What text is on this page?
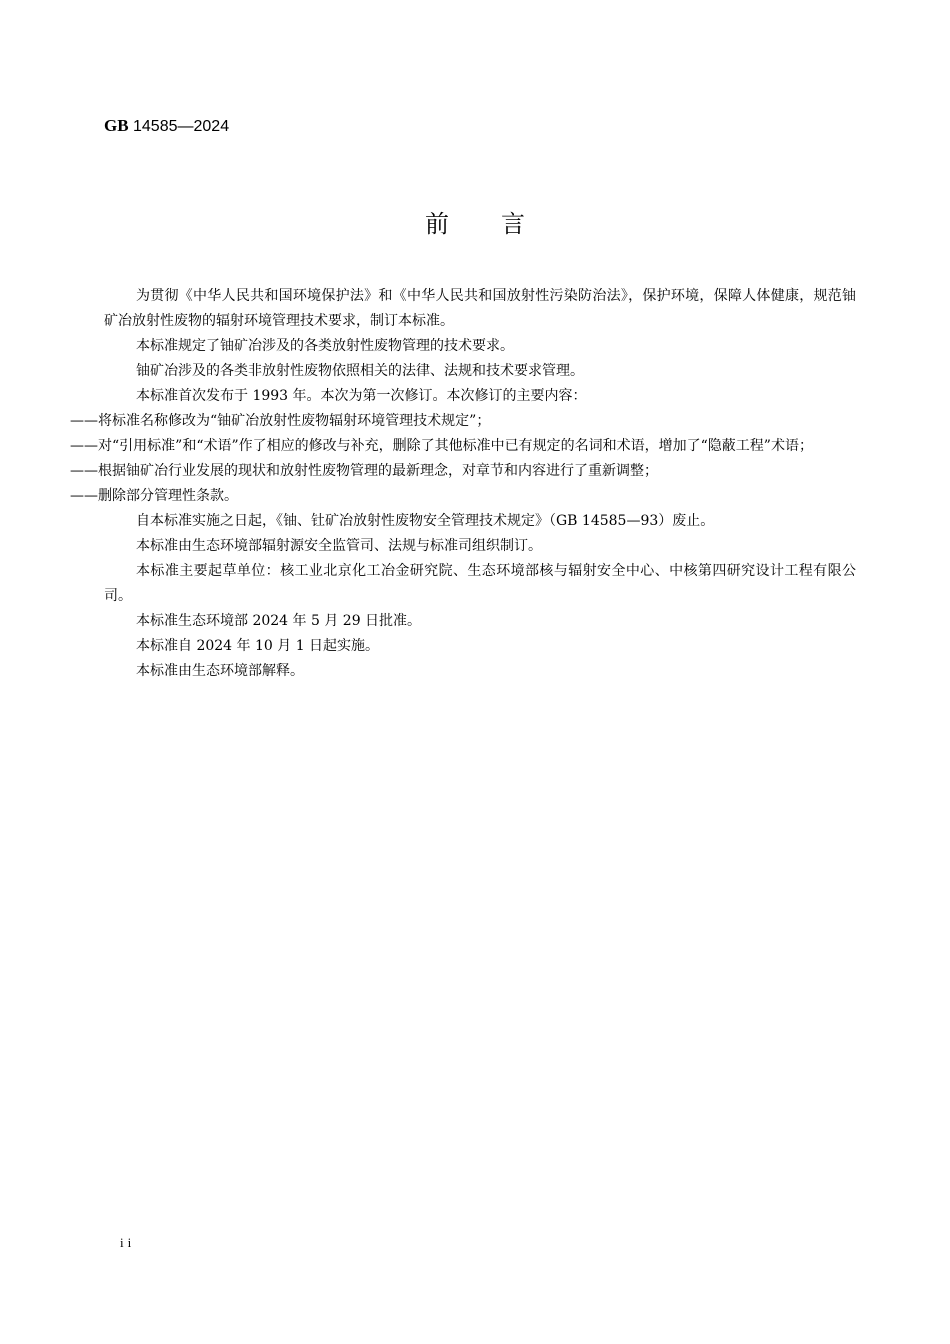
GB 14585—2024
前言

为贯彻《中华人民共和国环境保护法》和《中华人民共和国放射性污染防治法》，保护环境，保障人体健康，规范铀矿冶放射性废物的辐射环境管理技术要求，制订本标准。

本标准规定了铀矿冶涉及的各类放射性废物管理的技术要求。

铀矿冶涉及的各类非放射性废物依照相关的法律、法规和技术要求管理。

本标准首次发布于 1993 年。本次为第一次修订。本次修订的主要内容：

——将标准名称修改为“铀矿冶放射性废物辐射环境管理技术规定”；

——对“引用标准”和“术语”作了相应的修改与补充，删除了其他标准中已有规定的名词和术语，增加了“隐蔽工程”术语；

——根据铀矿冶行业发展的现状和放射性废物管理的最新理念，对章节和内容进行了重新调整；

——删除部分管理性条款。

自本标准实施之日起，《铀、钍矿冶放射性废物安全管理技术规定》（GB 14585—93）废止。

本标准由生态环境部辐射源安全监管司、法规与标准司组织制订。

本标准主要起草单位：核工业北京化工冶金研究院、生态环境部核与辐射安全中心、中核第四研究设计工程有限公司。

本标准生态环境部 2024 年 5 月 29 日批准。

本标准自 2024 年 10 月 1 日起实施。

本标准由生态环境部解释。

ii
